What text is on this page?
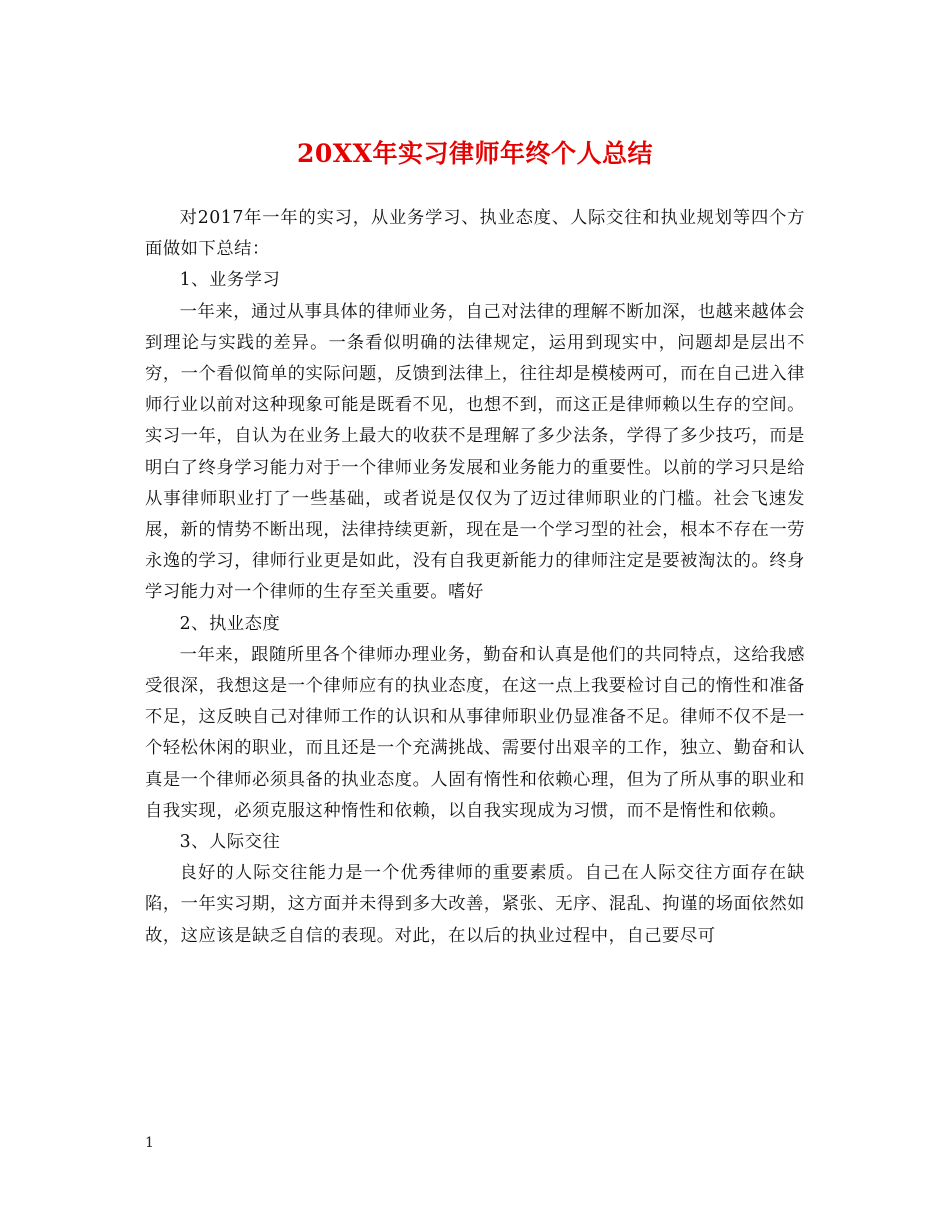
20XX年实习律师年终个人总结

对2017年一年的实习，从业务学习、执业态度、人际交往和执业规划等四个方面做如下总结：

1、业务学习

一年来，通过从事具体的律师业务，自己对法律的理解不断加深，也越来越体会到理论与实践的差异。一条看似明确的法律规定，运用到现实中，问题却是层出不穷，一个看似简单的实际问题，反馈到法律上，往往却是模棱两可，而在自己进入律师行业以前对这种现象可能是既看不见，也想不到，而这正是律师赖以生存的空间。实习一年，自认为在业务上最大的收获不是理解了多少法条，学得了多少技巧，而是明白了终身学习能力对于一个律师业务发展和业务能力的重要性。以前的学习只是给从事律师职业打了一些基础，或者说是仅仅为了迈过律师职业的门槛。社会飞速发展，新的情势不断出现，法律持续更新，现在是一个学习型的社会，根本不存在一劳永逸的学习，律师行业更是如此，没有自我更新能力的律师注定是要被淘汰的。终身学习能力对一个律师的生存至关重要。嗜好

2、执业态度

一年来，跟随所里各个律师办理业务，勤奋和认真是他们的共同特点，这给我感受很深，我想这是一个律师应有的执业态度，在这一点上我要检讨自己的惰性和准备不足，这反映自己对律师工作的认识和从事律师职业仍显准备不足。律师不仅不是一个轻松休闲的职业，而且还是一个充满挑战、需要付出艰辛的工作，独立、勤奋和认真是一个律师必须具备的执业态度。人固有惰性和依赖心理，但为了所从事的职业和自我实现，必须克服这种惰性和依赖，以自我实现成为习惯，而不是惰性和依赖。

3、人际交往

良好的人际交往能力是一个优秀律师的重要素质。自己在人际交往方面存在缺陷，一年实习期，这方面并未得到多大改善，紧张、无序、混乱、拘谨的场面依然如故，这应该是缺乏自信的表现。对此，在以后的执业过程中，自己要尽可

1
